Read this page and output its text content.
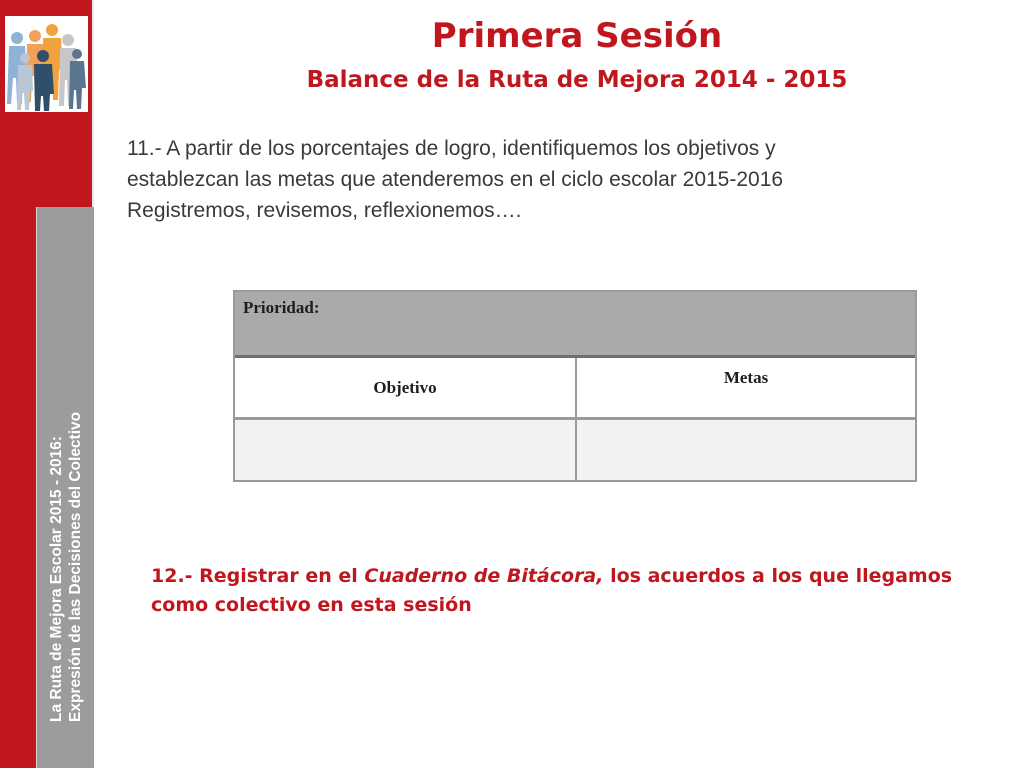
La Ruta de Mejora Escolar 2015 - 2016: Expresión de las Decisiones del Colectivo
Primera Sesión
Balance de la Ruta de Mejora 2014 - 2015
11.- A partir de los porcentajes de logro, identifiquemos los objetivos y
establezcan las metas que atenderemos en el ciclo escolar 2015-2016
Registremos, revisemos, reflexionemos….
Prioridad:
Objetivo	Metas
12.- Registrar en el Cuaderno de Bitácora, los acuerdos a los que llegamos
como colectivo en esta sesión
